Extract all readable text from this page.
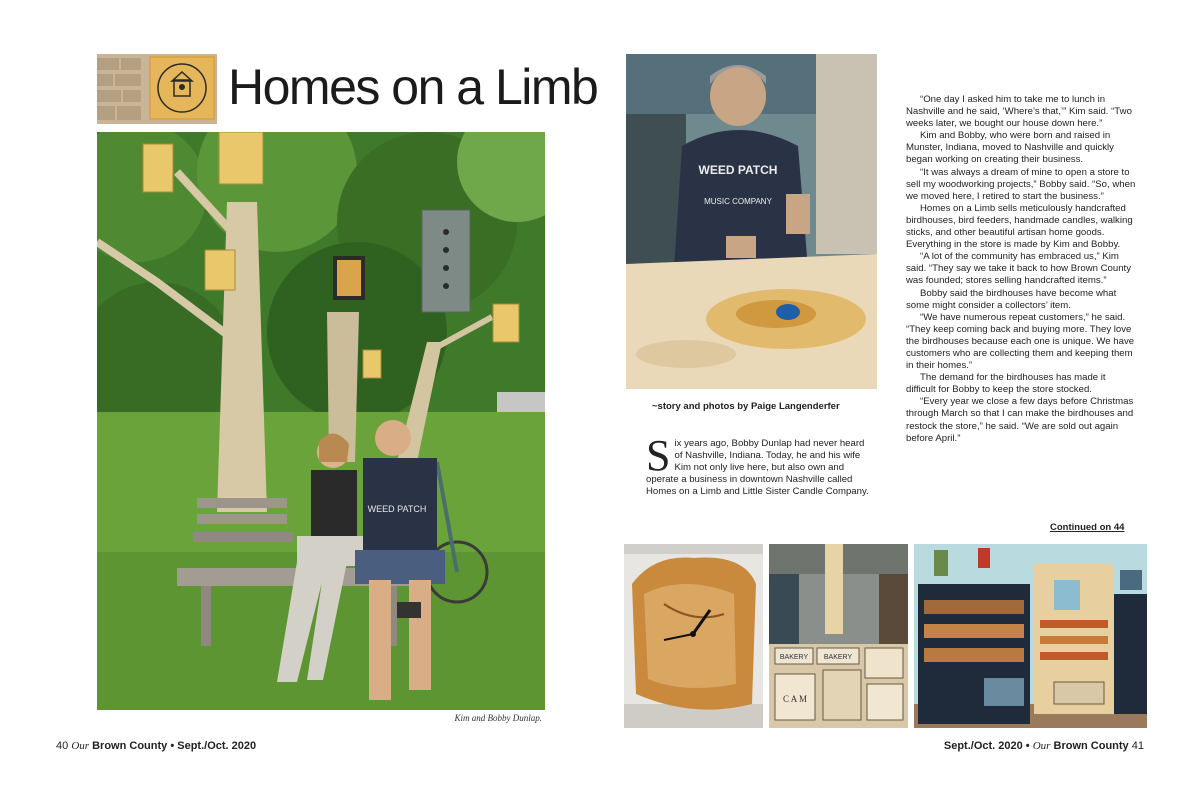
Homes on a Limb
WEED PATCH
Kim and Bobby Dunlap.
WEED PATCH
MUSIC COMPANY
~story and photos by Paige Langenderfer

Six years ago, Bobby Dunlap had never heard of Nashville, Indiana. Today, he and his wife Kim not only live here, but also own and operate a business in downtown Nashville called Homes on a Limb and Little Sister Candle Company.

“One day I asked him to take me to lunch in Nashville and he said, ‘Where’s that,’” Kim said. “Two weeks later, we bought our house down here.”

Kim and Bobby, who were born and raised in Munster, Indiana, moved to Nashville and quickly began working on creating their business.

“It was always a dream of mine to open a store to sell my woodworking projects,” Bobby said. “So, when we moved here, I retired to start the business.”

Homes on a Limb sells meticulously handcrafted birdhouses, bird feeders, handmade candles, walking sticks, and other beautiful artisan home goods. Everything in the store is made by Kim and Bobby.

“A lot of the community has embraced us,” Kim said. “They say we take it back to how Brown County was founded; stores selling handcrafted items.”

Bobby said the birdhouses have become what some might consider a collectors’ item.

“We have numerous repeat customers,” he said. “They keep coming back and buying more. They love the birdhouses because each one is unique. We have customers who are collecting them and keeping them in their homes.”

The demand for the birdhouses has made it difficult for Bobby to keep the store stocked.

“Every year we close a few days before Christmas through March so that I can make the birdhouses and restock the store,” he said. “We are sold out again before April.”

Continued on 44
BAKERY BAKERY
C A M
40 Our Brown County • Sept./Oct. 2020	Sept./Oct. 2020 • Our Brown County 41
